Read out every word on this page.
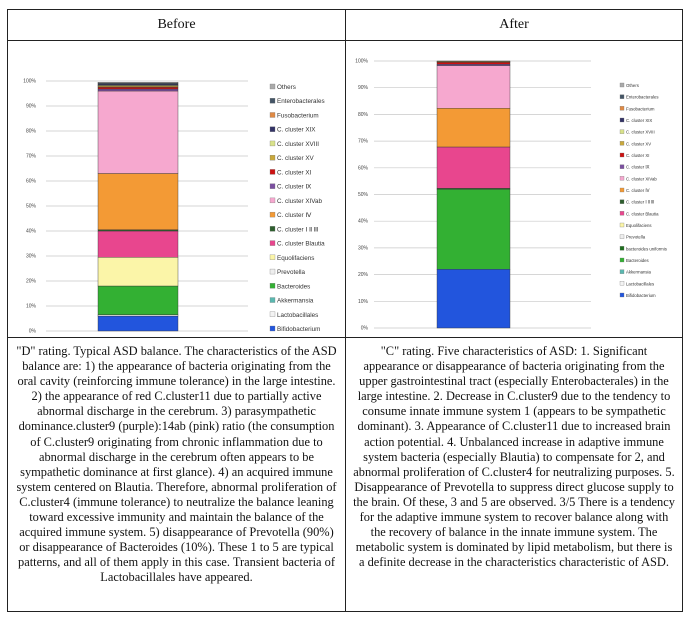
Before	After
0%
10%
20%
30%
40%
50%
60%
70%
80%
90%
100%
Others
Enterobacterales
Fusobacterium
C. cluster XIX
C. cluster XVIII
C. cluster XV
C. cluster XI
C. cluster Ⅸ
C. cluster XIVab
C. cluster Ⅳ
C. cluster Ⅰ Ⅱ Ⅲ
C. cluster Blautia
Equolifaciens
Prevotella
Bacteroides
Akkermansia
Lactobacillales
Bifidobacterium	0%
10%
20%
30%
40%
50%
60%
70%
80%
90%
100%
Others
Enterobacterales
Fusobacterium
C. cluster XIX
C. cluster XVIII
C. cluster XV
C. cluster XI
C. cluster Ⅸ
C. cluster XIVab
C. cluster Ⅳ
C. cluster Ⅰ Ⅱ Ⅲ
C. cluster Blautia
Equolifaciens
Prevotella
bacteroides uniformis
Bacteroides
Akkermansia
Lactobacillales
Bifidobacterium
"D" rating. Typical ASD balance. The characteristics of the ASD balance are: 1) the appearance of bacteria originating from the oral cavity (reinforcing immune tolerance) in the large intestine. 2) the appearance of red C.cluster11 due to partially active abnormal discharge in the cerebrum. 3) parasympathetic dominance.cluster9 (purple):14ab (pink) ratio (the consumption of C.cluster9 originating from chronic inflammation due to abnormal discharge in the cerebrum often appears to be sympathetic dominance at first glance). 4) an acquired immune system centered on Blautia. Therefore, abnormal proliferation of C.cluster4 (immune tolerance) to neutralize the balance leaning toward excessive immunity and maintain the balance of the acquired immune system. 5) disappearance of Prevotella (90%) or disappearance of Bacteroides (10%). These 1 to 5 are typical patterns, and all of them apply in this case. Transient bacteria of Lactobacillales have appeared.
"C" rating. Five characteristics of ASD: 1. Significant appearance or disappearance of bacteria originating from the upper gastrointestinal tract (especially Enterobacterales) in the large intestine. 2. Decrease in C.cluster9 due to the tendency to consume innate immune system 1 (appears to be sympathetic dominant). 3. Appearance of C.cluster11 due to increased brain action potential. 4. Unbalanced increase in adaptive immune system bacteria (especially Blautia) to compensate for 2, and abnormal proliferation of C.cluster4 for neutralizing purposes. 5. Disappearance of Prevotella to suppress direct glucose supply to the brain. Of these, 3 and 5 are observed. 3/5 There is a tendency for the adaptive immune system to recover balance along with the recovery of balance in the innate immune system. The metabolic system is dominated by lipid metabolism, but there is a definite decrease in the characteristics characteristic of ASD.
